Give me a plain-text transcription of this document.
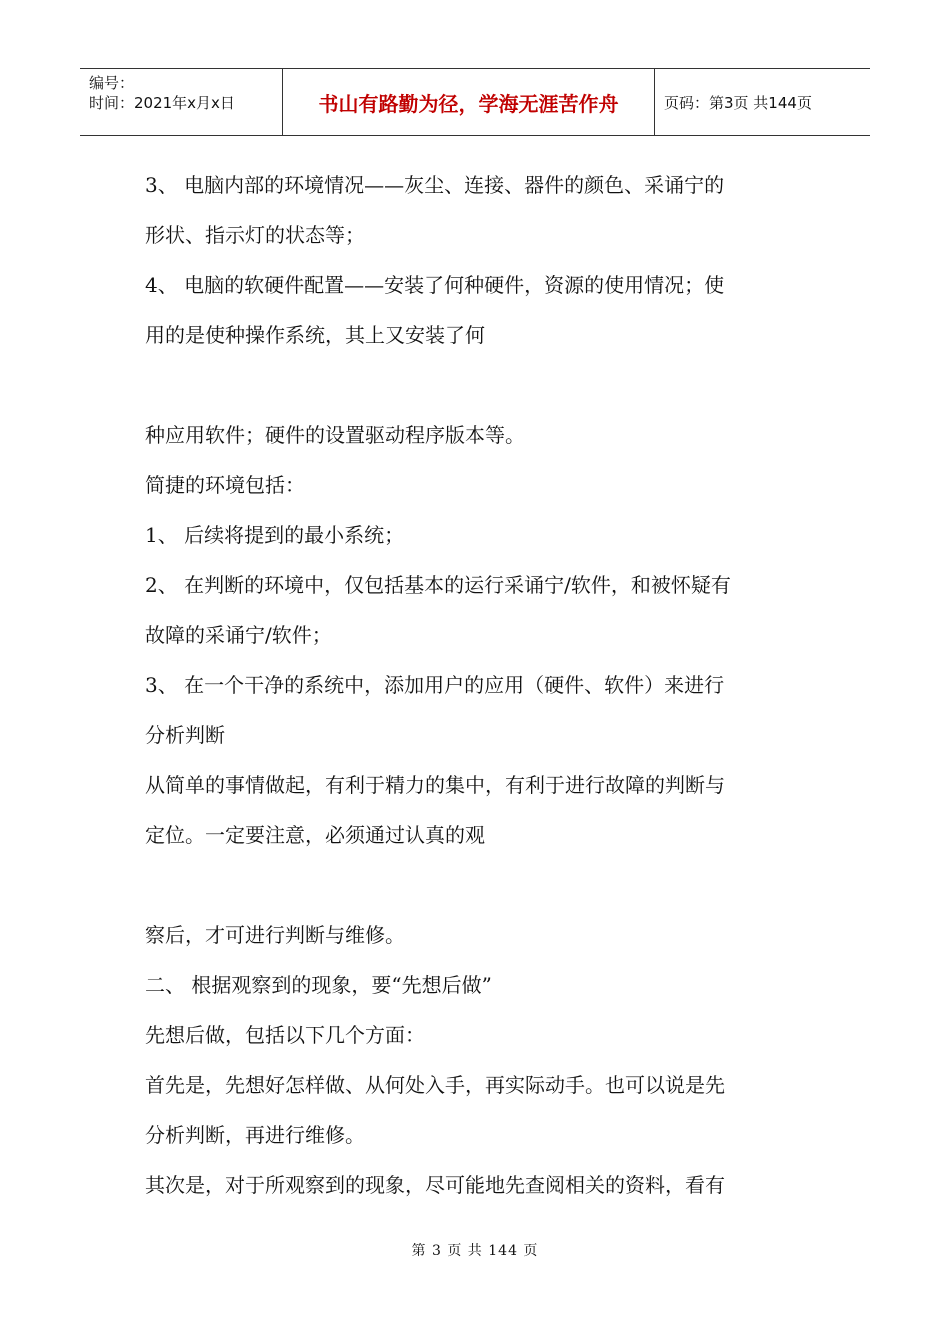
编号：
时间：2021年x月x日	书山有路勤为径，学海无涯苦作舟	页码：第3页 共144页
3、 电脑内部的环境情况——灰尘、连接、器件的颜色、采诵宁的
形状、指示灯的状态等；
4、 电脑的软硬件配置——安装了何种硬件，资源的使用情况；使
用的是使种操作系统，其上又安装了何
种应用软件；硬件的设置驱动程序版本等。
简捷的环境包括：
1、 后续将提到的最小系统；
2、 在判断的环境中，仅包括基本的运行采诵宁/软件，和被怀疑有
故障的采诵宁/软件；
3、 在一个干净的系统中，添加用户的应用（硬件、软件）来进行
分析判断
从简单的事情做起，有利于精力的集中，有利于进行故障的判断与
定位。一定要注意，必须通过认真的观
察后，才可进行判断与维修。
二、 根据观察到的现象，要“先想后做”
先想后做，包括以下几个方面：
首先是，先想好怎样做、从何处入手，再实际动手。也可以说是先
分析判断，再进行维修。
其次是，对于所观察到的现象，尽可能地先查阅相关的资料，看有
第 3 页 共 144 页
